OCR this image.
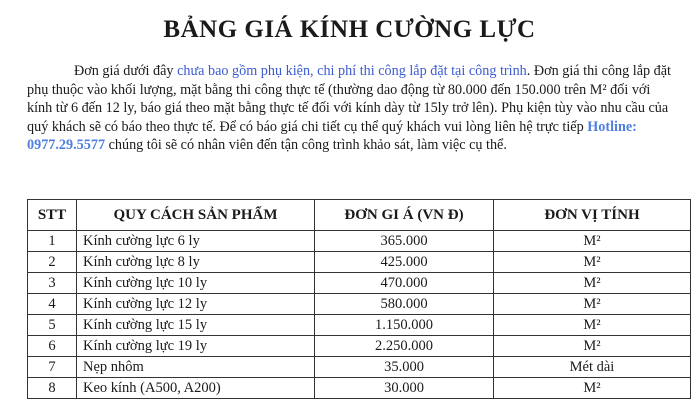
BẢNG GIÁ KÍNH CƯỜNG LỰC
Đơn giá dưới đây chưa bao gồm phụ kiện, chi phí thi công lắp đặt tại công trình. Đơn giá thi công lắp đặt phụ thuộc vào khối lượng, mặt bằng thi công thực tế (thường dao động từ 80.000 đến 150.000 trên M² đối với kính từ 6 đến 12 ly, báo giá theo mặt bằng thực tế đối với kính dày từ 15ly trở lên). Phụ kiện tùy vào nhu cầu của quý khách sẽ có báo theo thực tế. Để có báo giá chi tiết cụ thể quý khách vui lòng liên hệ trực tiếp Hotline: 0977.29.5577 chúng tôi sẽ có nhân viên đến tận công trình khảo sát, làm việc cụ thể.
STT	QUY CÁCH SẢN PHẨM	ĐƠN GI Á (VN Đ)	ĐƠN VỊ TÍNH
1	Kính cường lực 6 ly	365.000	M²
2	Kính cường lực 8 ly	425.000	M²
3	Kính cường lực 10 ly	470.000	M²
4	Kính cường lực 12 ly	580.000	M²
5	Kính cường lực 15 ly	1.150.000	M²
6	Kính cường lực 19 ly	2.250.000	M²
7	Nẹp nhôm	35.000	Mét dài
8	Keo kính (A500, A200)	30.000	M²
